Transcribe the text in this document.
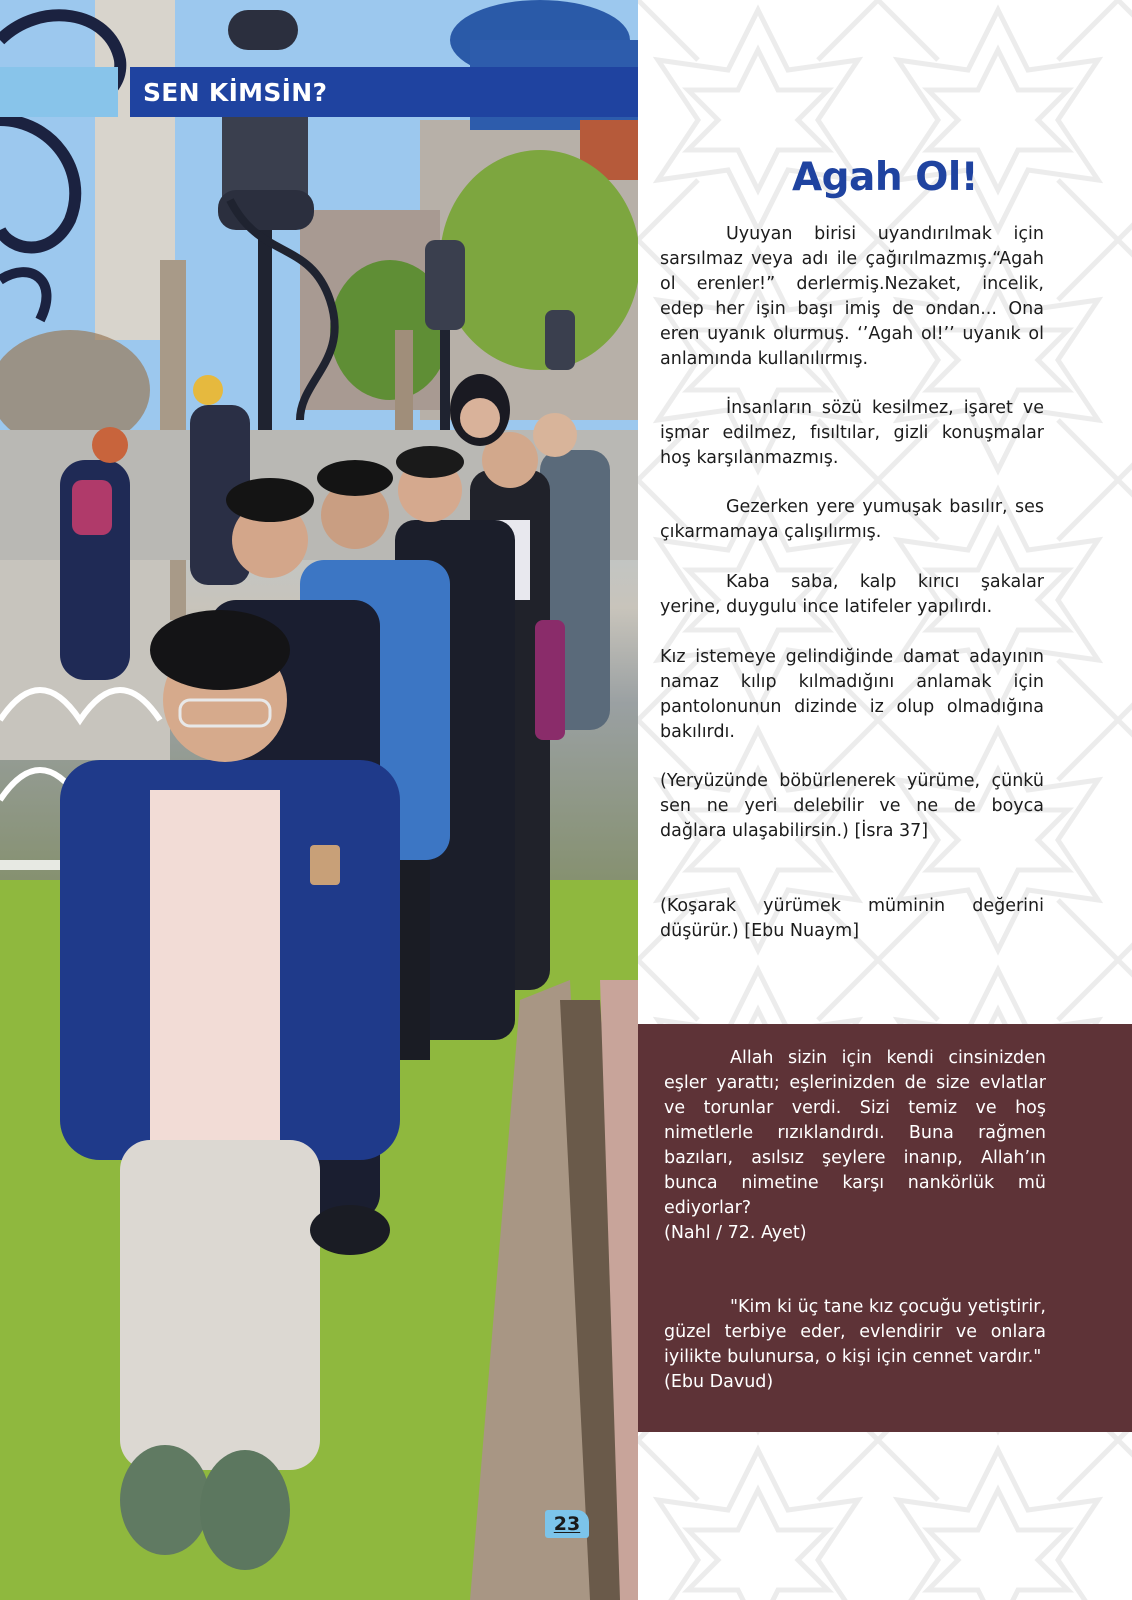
SEN KİMSİN?
Agah Ol!
Uyuyan birisi uyandırılmak için sarsılmaz veya adı ile çağırılmazmış.“Agah ol erenler!” derlermiş.Nezaket, incelik, edep her işin başı imiş de ondan... Ona eren uyanık olurmuş. ‘’Agah ol!’’ uyanık ol anlamında kullanılırmış.
İnsanların sözü kesilmez, işaret ve işmar edilmez, fısıltılar, gizli konuşmalar hoş karşılanmazmış.
Gezerken yere yumuşak basılır, ses çıkarmamaya çalışılırmış.
Kaba saba, kalp kırıcı şakalar yerine, duygulu ince latifeler yapılırdı.
Kız istemeye gelindiğinde damat adayının namaz kılıp kılmadığını anlamak için pantolonunun dizinde iz olup olmadığına bakılırdı.
(Yeryüzünde böbürlenerek yürüme, çünkü sen ne yeri delebilir ve ne de boyca dağlara ulaşabilirsin.) [İsra 37]
(Koşarak yürümek müminin değerini düşürür.) [Ebu Nuaym]
Allah sizin için kendi cinsinizden eşler yarattı; eşlerinizden de size evlatlar ve torunlar verdi. Sizi temiz ve hoş nimetlerle rızıklandırdı. Buna rağmen bazıları, asılsız şeylere inanıp, Allah’ın bunca nimetine karşı nankörlük mü ediyorlar?
(Nahl / 72. Ayet)
"Kim ki üç tane kız çocuğu yetiştirir, güzel terbiye eder, evlendirir ve onlara iyilikte bulunursa, o kişi için cennet vardır."
(Ebu Davud)
23
